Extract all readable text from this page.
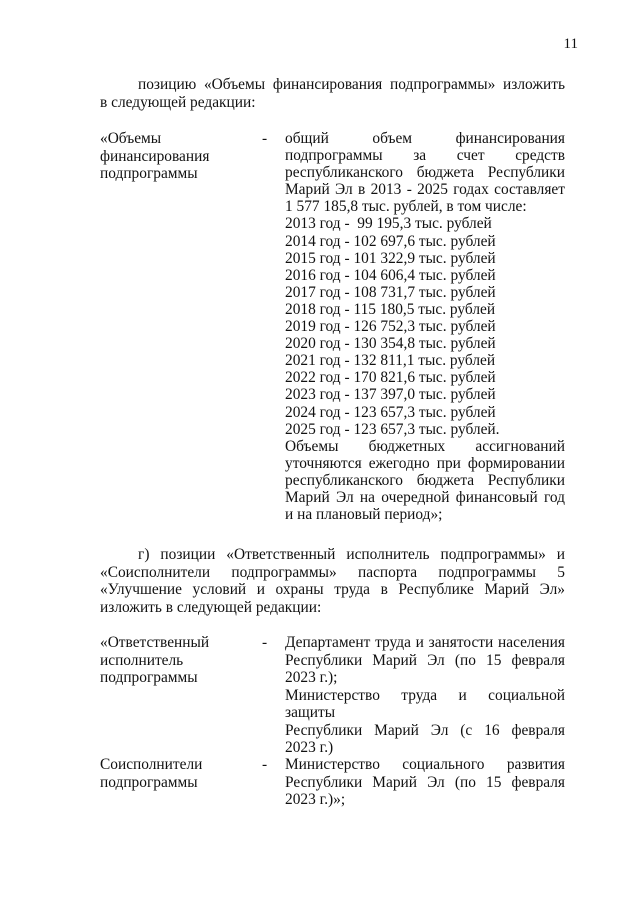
11
позицию «Объемы финансирования подпрограммы» изложить
в следующей редакции:
«Объемы
финансирования
подпрограммы
-	общий объем финансирования
подпрограммы за счет средств
республиканского бюджета Республики
Марий Эл в 2013 - 2025 годах составляет
1 577 185,8 тыс. рублей, в том числе:
2013 год -  99 195,3 тыс. рублей
2014 год - 102 697,6 тыс. рублей
2015 год - 101 322,9 тыс. рублей
2016 год - 104 606,4 тыс. рублей
2017 год - 108 731,7 тыс. рублей
2018 год - 115 180,5 тыс. рублей
2019 год - 126 752,3 тыс. рублей
2020 год - 130 354,8 тыс. рублей
2021 год - 132 811,1 тыс. рублей
2022 год - 170 821,6 тыс. рублей
2023 год - 137 397,0 тыс. рублей
2024 год - 123 657,3 тыс. рублей
2025 год - 123 657,3 тыс. рублей.
Объемы бюджетных ассигнований
уточняются ежегодно при формировании
республиканского бюджета Республики
Марий Эл на очередной финансовый год
и на плановый период»;
г) позиции «Ответственный исполнитель подпрограммы» и
«Соисполнители подпрограммы» паспорта подпрограммы 5
«Улучшение условий и охраны труда в Республике Марий Эл»
изложить в следующей редакции:
«Ответственный
исполнитель
подпрограммы
-	Департамент труда и занятости населения
Республики Марий Эл (по 15 февраля
2023 г.);
Министерство труда и социальной защиты
Республики Марий Эл (с 16 февраля
2023 г.)
Соисполнители
подпрограммы
-	Министерство социального развития
Республики Марий Эл (по 15 февраля
2023 г.)»;
